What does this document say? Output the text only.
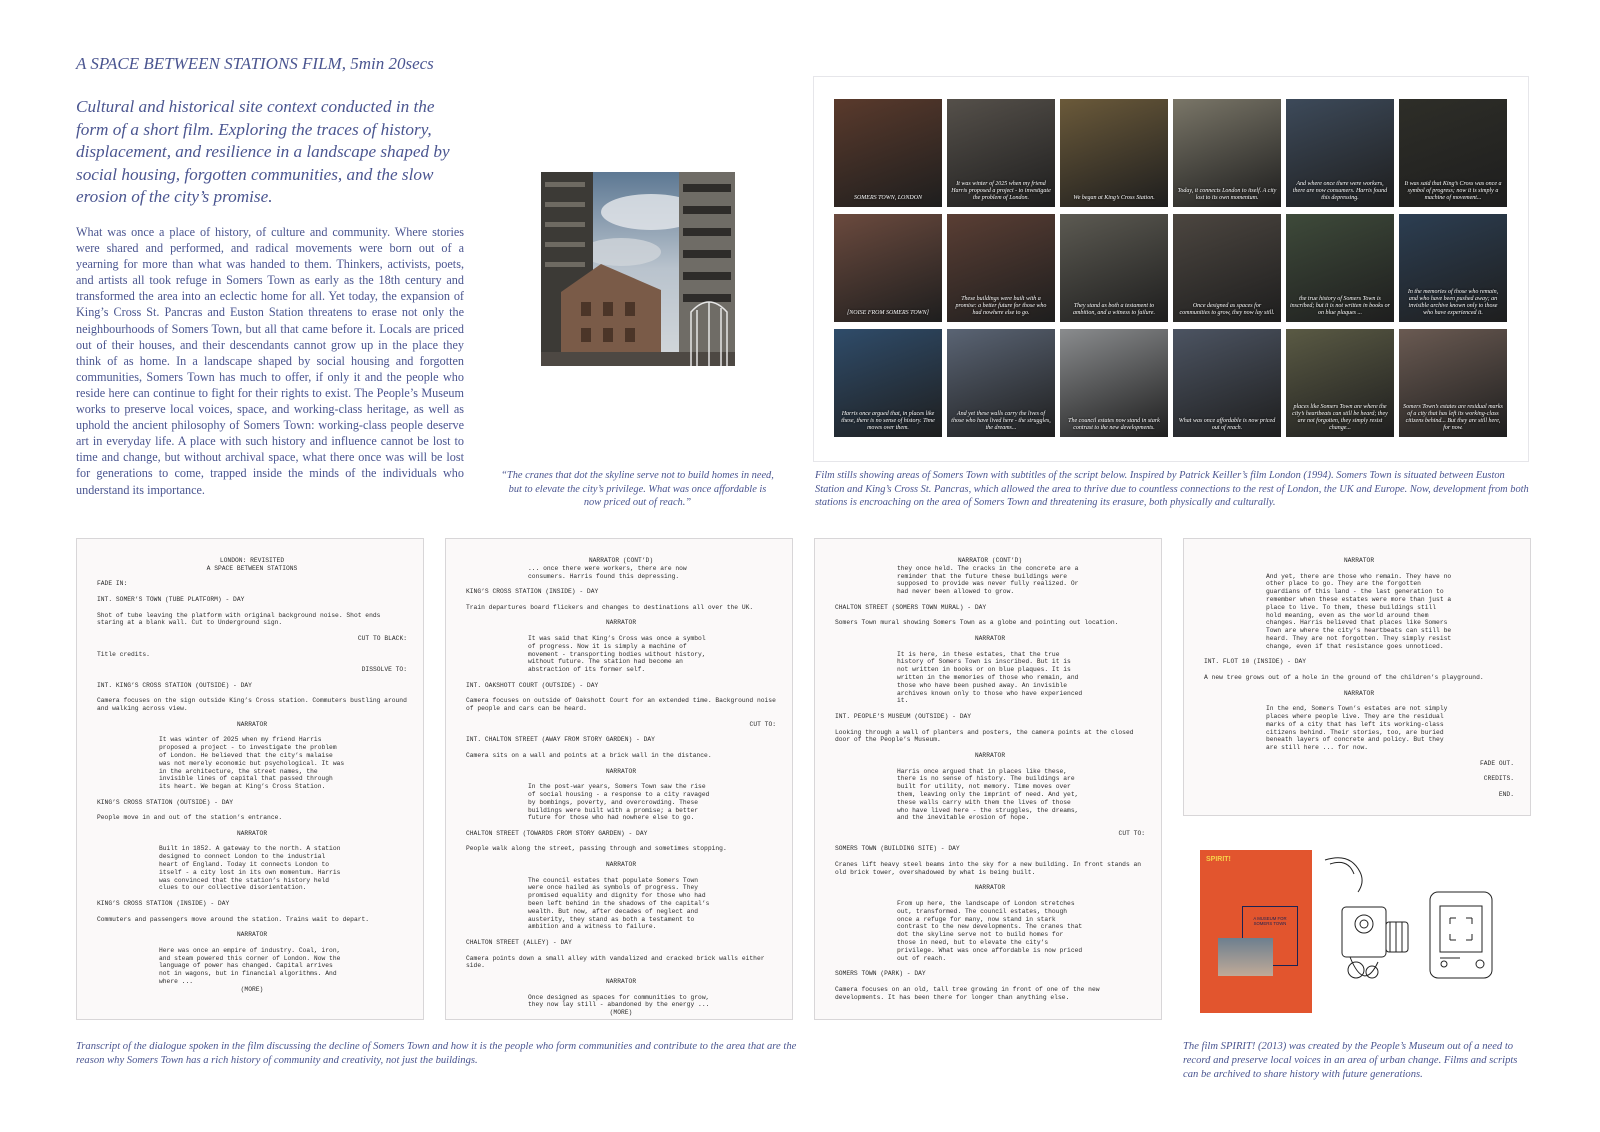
A SPACE BETWEEN STATIONS FILM, 5min 20secs
Cultural and historical site context conducted in the form of a short film. Exploring the traces of history, displacement, and resilience in a landscape shaped by social housing, forgotten communities, and the slow erosion of the city’s promise.
What was once a place of history, of culture and community. Where stories were shared and performed, and radical movements were born out of a yearning for more than what was handed to them. Thinkers, activists, poets, and artists all took refuge in Somers Town as early as the 18th century and transformed the area into an eclectic home for all. Yet today, the expansion of King’s Cross St. Pancras and Euston Station threatens to erase not only the neighbourhoods of Somers Town, but all that came before it. Locals are priced out of their houses, and their descendants cannot grow up in the place they think of as home. In a landscape shaped by social housing and forgotten communities, Somers Town has much to offer, if only it and the people who reside here can continue to fight for their rights to exist. The People’s Museum works to preserve local voices, space, and working-class heritage, as well as uphold the ancient philosophy of Somers Town: working-class people deserve art in everyday life. A place with such history and influence cannot be lost to time and change, but without archival space, what there once was will be lost for generations to come, trapped inside the minds of the individuals who understand its importance.
“The cranes that dot the skyline serve not to build homes in need, but to elevate the city’s privilege. What was once affordable is now priced out of reach.”
SOMERS TOWN, LONDON
It was winter of 2025 when my friend Harris proposed a project - to investigate the problem of London.	We began at King’s Cross Station.
Today, it connects London to itself. A city lost to its own momentum.
And where once there were workers, there are now consumers. Harris found this depressing.
It was said that King’s Cross was once a symbol of progress; now it is simply a machine of movement...
[NOISE FROM SOMERS TOWN]
These buildings were built with a promise: a better future for those who had nowhere else to go.
They stand as both a testament to ambition, and a witness to failure.
Once designed as spaces for communities to grow, they now lay still.
the true history of Somers Town is inscribed; but it is not written in books or on blue plaques ...
In the memories of those who remain, and who have been pushed away; an invisible archive known only to those who have experienced it.
Harris once argued that, in places like these, there is no sense of history. Time moves over them.
And yet these walls carry the lives of those who have lived here - the struggles, the dreams...
The council estates now stand in stark contrast to the new developments.
What was once affordable is now priced out of reach.
places like Somers Town are where the city’s heartbeats can still be heard; they are not forgotten, they simply resist change...
Somers Town’s estates are residual marks of a city that has left its working-class citizens behind... But they are still here, for now.
Film stills showing areas of Somers Town with subtitles of the script below. Inspired by Patrick Keiller’s film London (1994). Somers Town is situated between Euston Station and King’s Cross St. Pancras, which allowed the area to thrive due to countless connections to the rest of London, the UK and Europe. Now, development from both stations is encroaching on the area of Somers Town and threatening its erasure, both physically and culturally.
LONDON: REVISITED
A SPACE BETWEEN STATIONS
FADE IN:
INT. SOMER’S TOWN (TUBE PLATFORM) - DAY
Shot of tube leaving the platform with original background noise. Shot ends staring at a blank wall. Cut to Underground sign.
CUT TO BLACK:
Title credits.
DISSOLVE TO:
INT. KING’S CROSS STATION (OUTSIDE) - DAY
Camera focuses on the sign outside King’s Cross station. Commuters bustling around and walking across view.
NARRATOR
It was winter of 2025 when my friend Harris proposed a project - to investigate the problem of London. He believed that the city’s malaise was not merely economic but psychological. It was in the architecture, the street names, the invisible lines of capital that passed through its heart. We began at King’s Cross Station.
KING’S CROSS STATION (OUTSIDE) - DAY
People move in and out of the station’s entrance.
NARRATOR
Built in 1852. A gateway to the north. A station designed to connect London to the industrial heart of England. Today it connects London to itself - a city lost in its own momentum. Harris was convinced that the station’s history held clues to our collective disorientation.
KING’S CROSS STATION (INSIDE) - DAY
Commuters and passengers move around the station. Trains wait to depart.
NARRATOR
Here was once an empire of industry. Coal, iron, and steam powered this corner of London. Now the language of power has changed. Capital arrives not in wagons, but in financial algorithms. And where ...
(MORE)
NARRATOR (CONT’D)
... once there were workers, there are now consumers. Harris found this depressing.
KING’S CROSS STATION (INSIDE) - DAY
Train departures board flickers and changes to destinations all over the UK.
NARRATOR
It was said that King’s Cross was once a symbol of progress. Now it is simply a machine of movement - transporting bodies without history, without future. The station had become an abstraction of its former self.
INT. OAKSHOTT COURT (OUTSIDE) - DAY
Camera focuses on outside of Oakshott Court for an extended time. Background noise of people and cars can be heard.
CUT TO:
INT. CHALTON STREET (AWAY FROM STORY GARDEN) - DAY
Camera sits on a wall and points at a brick wall in the distance.
NARRATOR
In the post-war years, Somers Town saw the rise of social housing - a response to a city ravaged by bombings, poverty, and overcrowding. These buildings were built with a promise; a better future for those who had nowhere else to go.
CHALTON STREET (TOWARDS FROM STORY GARDEN) - DAY
People walk along the street, passing through and sometimes stopping.
NARRATOR
The council estates that populate Somers Town were once hailed as symbols of progress. They promised equality and dignity for those who had been left behind in the shadows of the capital’s wealth. But now, after decades of neglect and austerity, they stand as both a testament to ambition and a witness to failure.
CHALTON STREET (ALLEY) - DAY
Camera points down a small alley with vandalized and cracked brick walls either side.
NARRATOR
Once designed as spaces for communities to grow, they now lay still - abandoned by the energy ...
(MORE)
NARRATOR (CONT’D)
they once held. The cracks in the concrete are a reminder that the future these buildings were supposed to provide was never fully realized. Or had never been allowed to grow.
CHALTON STREET (SOMERS TOWN MURAL) - DAY
Somers Town mural showing Somers Town as a globe and pointing out location.
NARRATOR
It is here, in these estates, that the true history of Somers Town is inscribed. But it is not written in books or on blue plaques. It is written in the memories of those who remain, and those who have been pushed away. An invisible archives known only to those who have experienced it.
INT. PEOPLE’S MUSEUM (OUTSIDE) - DAY
Looking through a wall of planters and posters, the camera points at the closed door of the People’s Museum.
NARRATOR
Harris once argued that in places like these, there is no sense of history. The buildings are built for utility, not memory. Time moves over them, leaving only the imprint of need. And yet, these walls carry with them the lives of those who have lived here - the struggles, the dreams, and the inevitable erosion of hope.
CUT TO:
SOMERS TOWN (BUILDING SITE) - DAY
Cranes lift heavy steel beams into the sky for a new building. In front stands an old brick tower, overshadowed by what is being built.
NARRATOR
From up here, the landscape of London stretches out, transformed. The council estates, though once a refuge for many, now stand in stark contrast to the new developments. The cranes that dot the skyline serve not to build homes for those in need, but to elevate the city’s privilege. What was once affordable is now priced out of reach.
SOMERS TOWN (PARK) - DAY
Camera focuses on an old, tall tree growing in front of one of the new developments. It has been there for longer than anything else.
NARRATOR
And yet, there are those who remain. They have no other place to go. They are the forgotten guardians of this land - the last generation to remember when these estates were more than just a place to live. To them, these buildings still hold meaning, even as the world around them changes. Harris believed that places like Somers Town are where the city’s heartbeats can still be heard. They are not forgotten. They simply resist change, even if that resistance goes unnoticed.
INT. FLOT 10 (INSIDE) - DAY
A new tree grows out of a hole in the ground of the children’s playground.
NARRATOR
In the end, Somers Town’s estates are not simply places where people live. They are the residual marks of a city that has left its working-class citizens behind. Their stories, too, are buried beneath layers of concrete and policy. But they are still here ... for now.
FADE OUT.
CREDITS.
END.
Transcript of the dialogue spoken in the film discussing the decline of Somers Town and how it is the people who form communities and contribute to the area that are the reason why Somers Town has a rich history of community and creativity, not just the buildings.
SPIRIT!
A MUSEUM FOR SOMERS TOWN
The film SPIRIT! (2013) was created by the People’s Museum out of a need to record and preserve local voices in an area of urban change. Films and scripts can be archived to share history with future generations.
